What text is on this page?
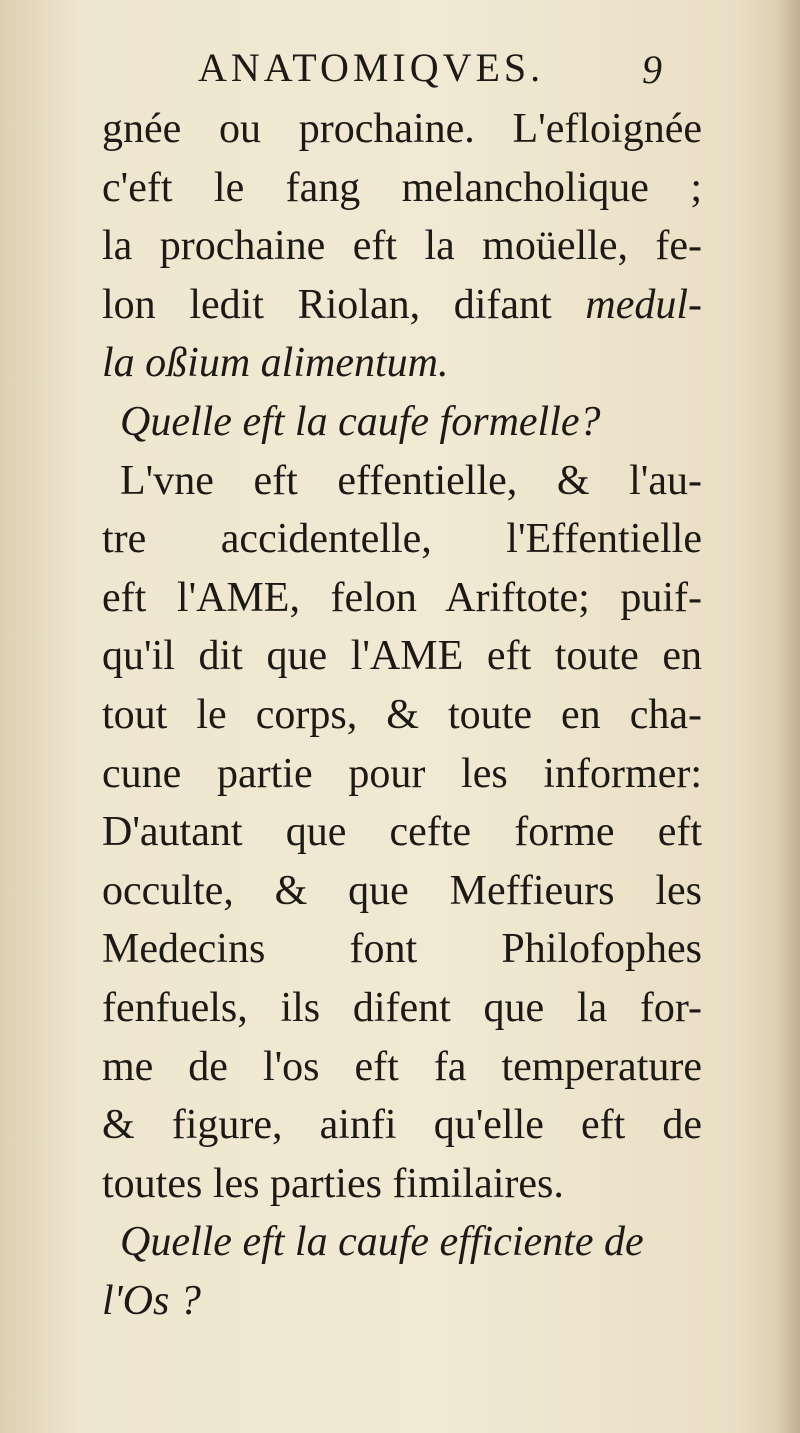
ANATOMIQVES. 9
gnée ou prochaine. L'efloignée
c'eft le fang melancholique ;
la prochaine eft la moüelle, fe-
lon ledit Riolan, difant medul-
la oßium alimentum.
Quelle eft la caufe formelle?
L'vne eft effentielle, & l'au-
tre accidentelle, l'Effentielle
eft l'AME, felon Ariftote; puif-
qu'il dit que l'AME eft toute en
tout le corps, & toute en cha-
cune partie pour les informer:
D'autant que cefte forme eft
occulte, & que Meffieurs les
Medecins font Philofophes
fenfuels, ils difent que la for-
me de l'os eft fa temperature
& figure, ainfi qu'elle eft de
toutes les parties fimilaires.
Quelle eft la caufe efficiente de
l'Os ?
